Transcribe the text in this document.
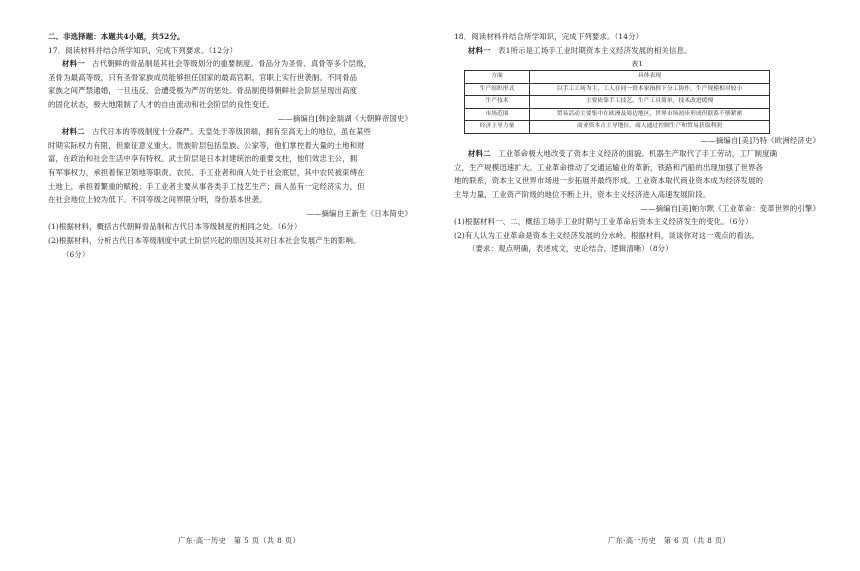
二、非选择题：本题共4小题，共52分。
17．阅读材料并结合所学知识，完成下列要求。（12分）
材料一　 古代朝鲜的骨品制是其社会等级划分的重要制度。骨品分为圣骨、真骨等多个层级，
圣骨为最高等级，只有圣骨家族成员能够担任国家的最高官职。官职上实行世袭制。不同骨品
家族之间严禁通婚，一旦违反，会遭受极为严厉的惩处。骨品制使得朝鲜社会阶层呈现出高度
的固化状态，极大地限制了人才的自由流动和社会阶层的良性变迁。
——摘编自[韩]金瑞湖《大朝鲜帝国史》
材料二　 古代日本的等级制度十分森严。天皇处于等级顶端，拥有至高无上的地位，虽在某些
时期实际权力有限，但象征意义重大。贵族阶层包括皇族、公家等，他们掌控着大量的土地和财
富，在政治和社会生活中享有特权。武士阶层是日本封建统治的重要支柱，他们效忠主公，拥
有军事权力，承担着保卫领地等职责。农民、手工业者和商人处于社会底层，其中农民被束缚在
土地上，承担着繁重的赋税；手工业者主要从事各类手工技艺生产；商人虽有一定经济实力，但
在社会地位上较为低下。不同等级之间界限分明，身份基本世袭。
——摘编自王新生《日本简史》
(1)根据材料，概括古代朝鲜骨品制和古代日本等级制度的相同之处。（6分）
(2)根据材料，分析古代日本等级制度中武士阶层兴起的原因及其对日本社会发展产生的影响。
（6分）
广东·高一历史　第 5 页（共 8 页）
18．阅读材料并结合所学知识，完成下列要求。（14分）
材料一　 表1所示是工场手工业时期资本主义经济发展的相关信息。
表1
方面	具体表现
生产组织形式	以手工工场为主，工人在同一资本家指挥下分工协作，生产规模相对较小
生产技术	主要依靠手工技艺，生产工具简单，技术改进缓慢
市场范围	贸易活动主要集中在欧洲及周边地区，世界市场初步形成但联系不够紧密
经济主导力量	商业资本占主导地位，商人通过控制生产和贸易获取利润
——摘编自[美]乃特《欧洲经济史》
材料二　 工业革命极大地改变了资本主义经济的面貌。机器生产取代了手工劳动，工厂制度确
立，生产规模迅速扩大。工业革命推动了交通运输业的革新，铁路和汽船的出现加强了世界各
地的联系，资本主义世界市场进一步拓展并最终形成。工业资本取代商业资本成为经济发展的
主导力量，工业资产阶级的地位不断上升，资本主义经济进入高速发展阶段。
——摘编自[美]帕尔默《工业革命：变革世界的引擎》
(1)根据材料一、二，概括工场手工业时期与工业革命后资本主义经济发生的变化。（6分）
(2)有人认为工业革命是资本主义经济发展的分水岭。根据材料，谈谈你对这一观点的看法。
（要求：观点明确，表述成文，史论结合，逻辑清晰）（8分）
广东·高一历史　第 6 页（共 8 页）
